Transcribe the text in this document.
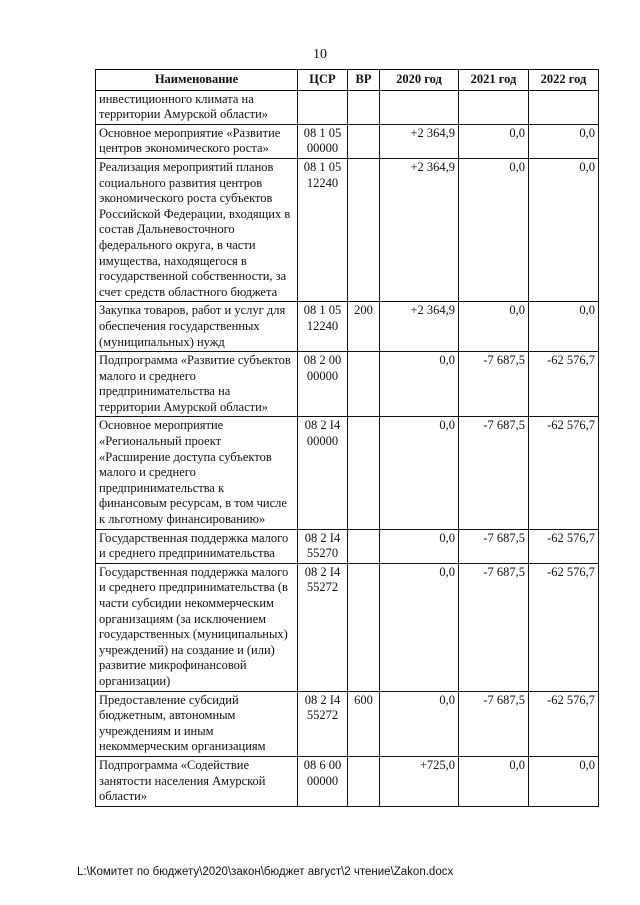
10
Наименование	ЦСР	ВР	2020 год	2021 год	2022 год
инвестиционного климата на территории Амурской области»					
Основное мероприятие «Развитие центров экономического роста»	08 1 05 00000		+2 364,9	0,0	0,0
Реализация мероприятий планов социального развития центров экономического роста субъектов Российской Федерации, входящих в состав Дальневосточного федерального округа, в части имущества, находящегося в государственной собственности, за счет средств областного бюджета	08 1 05 12240		+2 364,9	0,0	0,0
Закупка товаров, работ и услуг для обеспечения государственных (муниципальных) нужд	08 1 05 12240	200	+2 364,9	0,0	0,0
Подпрограмма «Развитие субъектов малого и среднего предпринимательства на территории Амурской области»	08 2 00 00000		0,0	-7 687,5	-62 576,7
Основное мероприятие «Региональный проект «Расширение доступа субъектов малого и среднего предпринимательства к финансовым ресурсам, в том числе к льготному финансированию»	08 2 I4 00000		0,0	-7 687,5	-62 576,7
Государственная поддержка малого и среднего предпринимательства	08 2 I4 55270		0,0	-7 687,5	-62 576,7
Государственная поддержка малого и среднего предпринимательства (в части субсидии некоммерческим организациям (за исключением государственных (муниципальных) учреждений) на создание и (или) развитие микрофинансовой организации)	08 2 I4 55272		0,0	-7 687,5	-62 576,7
Предоставление субсидий бюджетным, автономным учреждениям и иным некоммерческим организациям	08 2 I4 55272	600	0,0	-7 687,5	-62 576,7
Подпрограмма «Содействие занятости населения Амурской области»	08 6 00 00000		+725,0	0,0	0,0
L:\Комитет по бюджету\2020\закон\бюджет август\2 чтение\Zakon.docx
